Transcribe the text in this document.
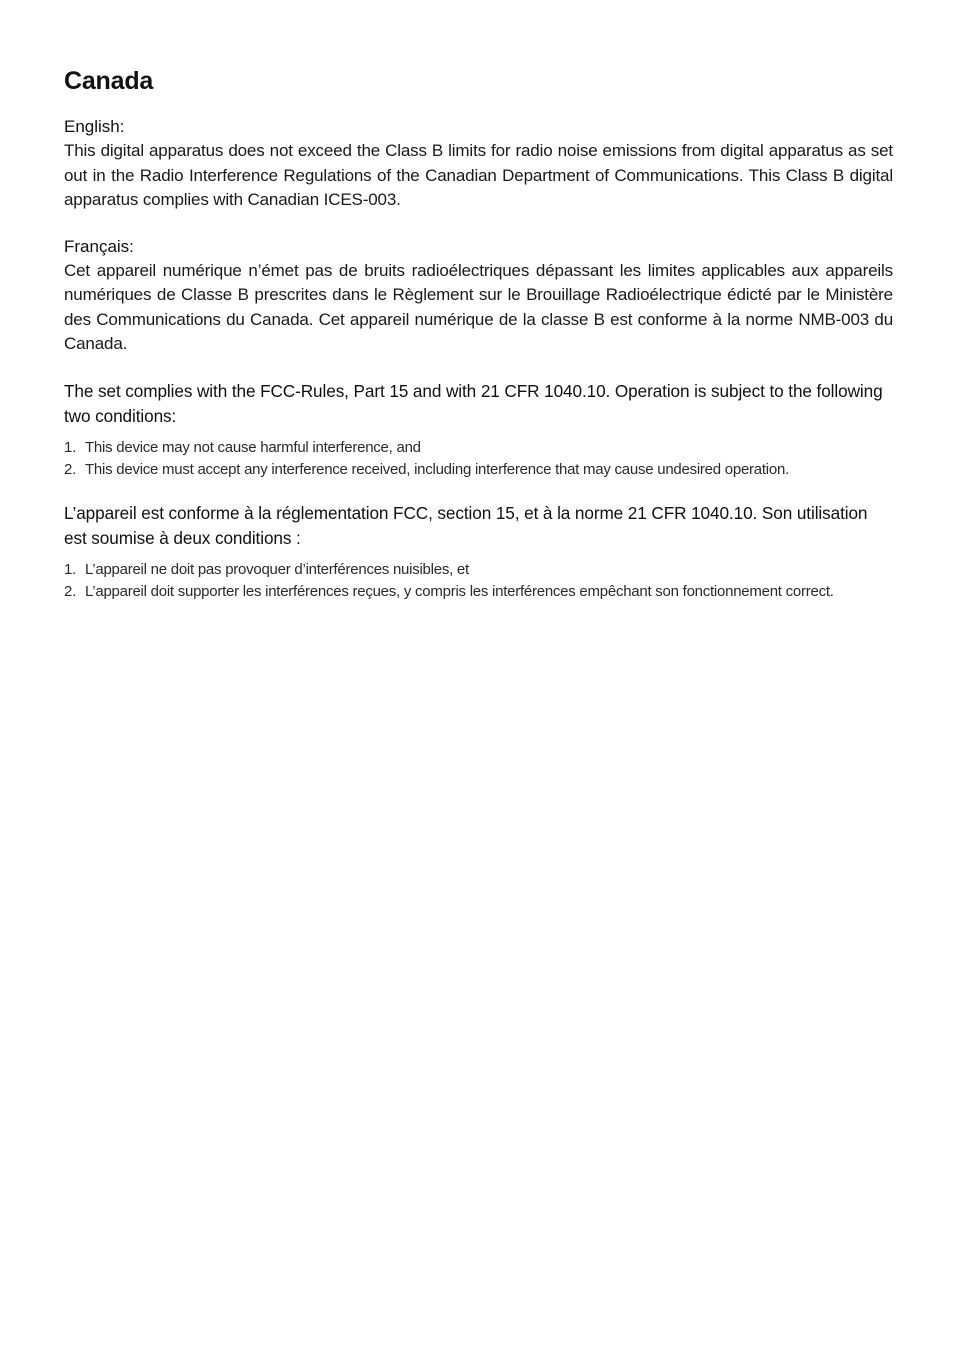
Canada

English:

This digital apparatus does not exceed the Class B limits for radio noise emissions from digital apparatus as set out in the Radio Interference Regulations of the Canadian Department of Communications. This Class B digital apparatus complies with Canadian ICES-003.

Français:

Cet appareil numérique n’émet pas de bruits radioélectriques dépassant les limites applicables aux appareils numériques de Classe B prescrites dans le Règlement sur le Brouillage Radioélectrique édicté par le Ministère des Communications du Canada. Cet appareil numérique de la classe B est conforme à la norme NMB-003 du Canada.

The set complies with the FCC-Rules, Part 15 and with 21 CFR 1040.10. Operation is subject to the following two conditions:

1. This device may not cause harmful interference, and
2. This device must accept any interference received, including interference that may cause undesired operation.

L’appareil est conforme à la réglementation FCC, section 15, et à la norme 21 CFR 1040.10. Son utilisation est soumise à deux conditions :

1. L’appareil ne doit pas provoquer d’interférences nuisibles, et
2. L’appareil doit supporter les interférences reçues, y compris les interférences empêchant son fonctionnement correct.
